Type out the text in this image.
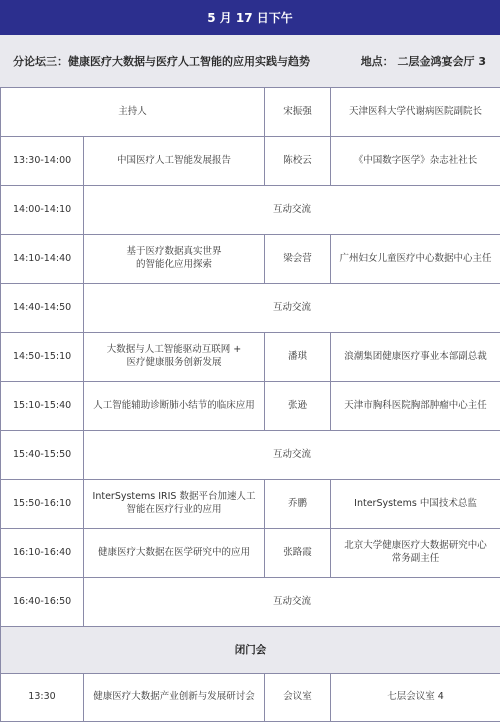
5 月 17 日下午
分论坛三：健康医疗大数据与医疗人工智能的应用实践与趋势	地点： 二层金鸿宴会厅 3
主持人		宋振强	天津医科大学代谢病医院副院长
13:30-14:00	中国医疗人工智能发展报告	陈校云	《中国数字医学》杂志社社长
14:00-14:10	互动交流		
14:10-14:40	基于医疗数据真实世界
的智能化应用探索	梁会营	广州妇女儿童医疗中心数据中心主任
14:40-14:50	互动交流		
14:50-15:10	大数据与人工智能驱动互联网 +
医疗健康服务创新发展	潘琪	浪潮集团健康医疗事业本部副总裁
15:10-15:40	人工智能辅助诊断肺小结节的临床应用	张逊	天津市胸科医院胸部肿瘤中心主任
15:40-15:50	互动交流		
15:50-16:10	InterSystems IRIS 数据平台加速人工
智能在医疗行业的应用	乔鹏	InterSystems 中国技术总监
16:10-16:40	健康医疗大数据在医学研究中的应用	张路霞	北京大学健康医疗大数据研究中心
常务副主任
16:40-16:50	互动交流		
闭门会			
13:30	健康医疗大数据产业创新与发展研讨会	会议室	七层会议室 4
